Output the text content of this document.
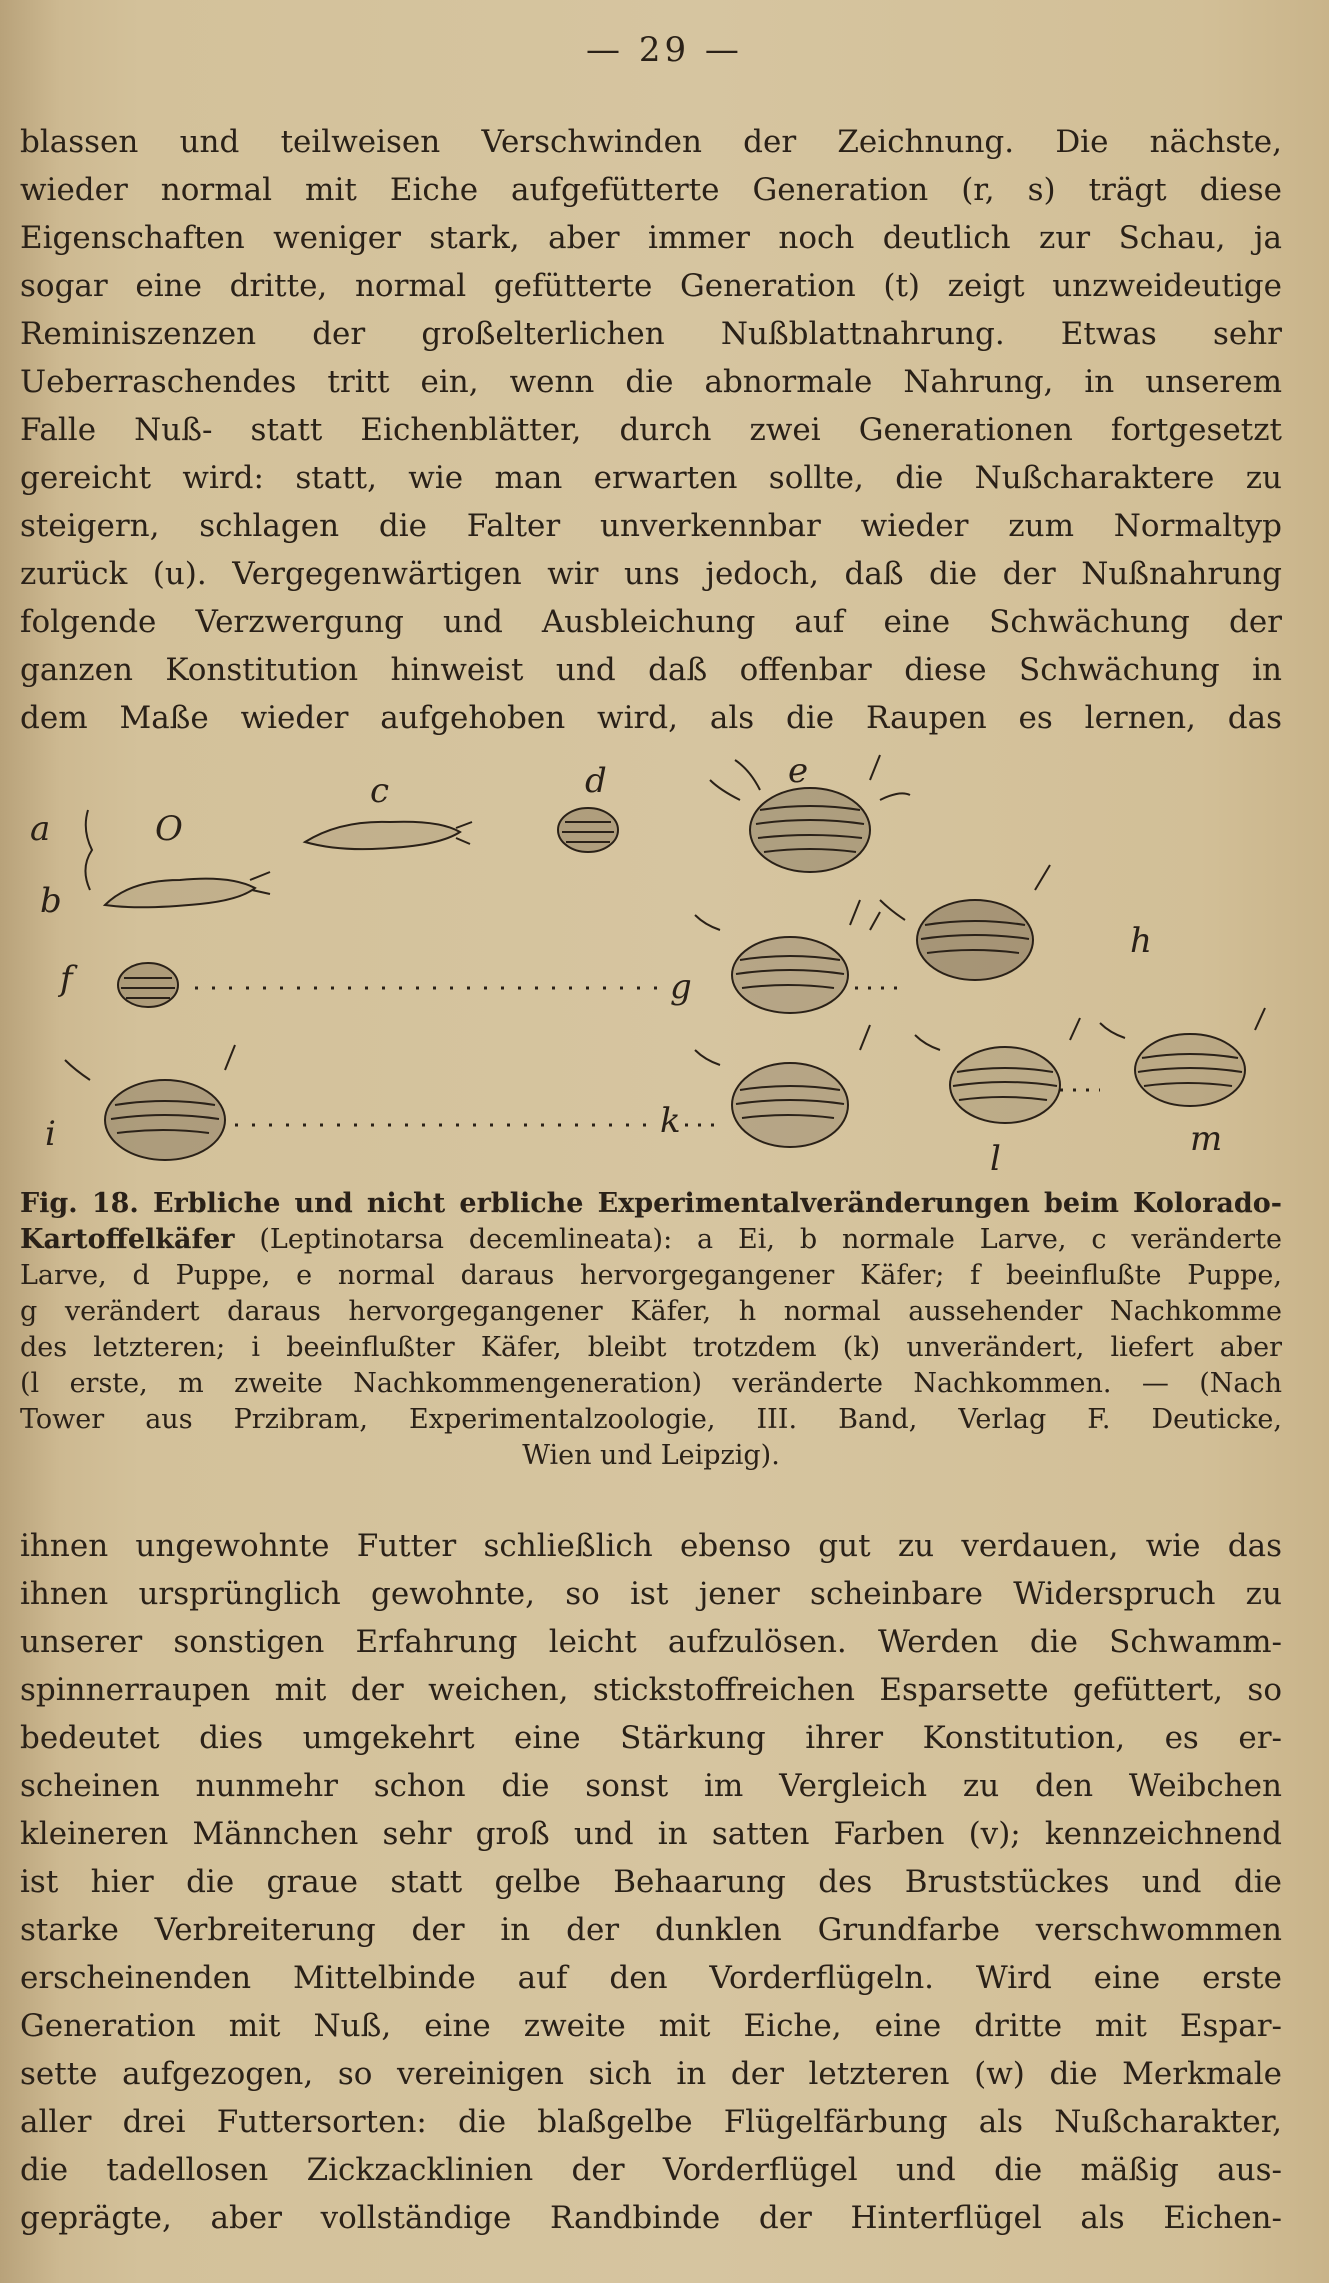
— 29 —
blassen und teilweisen Verschwinden der Zeichnung. Die nächste,
wieder normal mit Eiche aufgefütterte Generation (r, s) trägt diese
Eigenschaften weniger stark, aber immer noch deutlich zur Schau, ja
sogar eine dritte, normal gefütterte Generation (t) zeigt unzweideutige
Reminiszenzen der großelterlichen Nußblattnahrung. Etwas sehr
Ueberraschendes tritt ein, wenn die abnormale Nahrung, in unserem
Falle Nuß- statt Eichenblätter, durch zwei Generationen fortgesetzt
gereicht wird: statt, wie man erwarten sollte, die Nußcharaktere zu
steigern, schlagen die Falter unverkennbar wieder zum Normaltyp
zurück (u). Vergegenwärtigen wir uns jedoch, daß die der Nußnahrung
folgende Verzwergung und Ausbleichung auf eine Schwächung der
ganzen Konstitution hinweist und daß offenbar diese Schwächung in
dem Maße wieder aufgehoben wird, als die Raupen es lernen, das
a	O
b
c	d	e
f	g
h
i	k
l	m
Fig. 18. Erbliche und nicht erbliche Experimentalveränderungen beim Kolorado-
Kartoffelkäfer (Leptinotarsa decemlineata): a Ei, b normale Larve, c veränderte
Larve, d Puppe, e normal daraus hervorgegangener Käfer; f beeinflußte Puppe,
g verändert daraus hervorgegangener Käfer, h normal aussehender Nachkomme
des letzteren; i beeinflußter Käfer, bleibt trotzdem (k) unverändert, liefert aber
(l erste, m zweite Nachkommengeneration) veränderte Nachkommen. — (Nach
Tower aus Przibram, Experimentalzoologie, III. Band, Verlag F. Deuticke,
Wien und Leipzig).
ihnen ungewohnte Futter schließlich ebenso gut zu verdauen, wie das
ihnen ursprünglich gewohnte, so ist jener scheinbare Widerspruch zu
unserer sonstigen Erfahrung leicht aufzulösen. Werden die Schwamm-
spinnerraupen mit der weichen, stickstoffreichen Esparsette gefüttert, so
bedeutet dies umgekehrt eine Stärkung ihrer Konstitution, es er-
scheinen nunmehr schon die sonst im Vergleich zu den Weibchen
kleineren Männchen sehr groß und in satten Farben (v); kennzeichnend
ist hier die graue statt gelbe Behaarung des Bruststückes und die
starke Verbreiterung der in der dunklen Grundfarbe verschwommen
erscheinenden Mittelbinde auf den Vorderflügeln. Wird eine erste
Generation mit Nuß, eine zweite mit Eiche, eine dritte mit Espar-
sette aufgezogen, so vereinigen sich in der letzteren (w) die Merkmale
aller drei Futtersorten: die blaßgelbe Flügelfärbung als Nußcharakter,
die tadellosen Zickzacklinien der Vorderflügel und die mäßig aus-
geprägte, aber vollständige Randbinde der Hinterflügel als Eichen-
